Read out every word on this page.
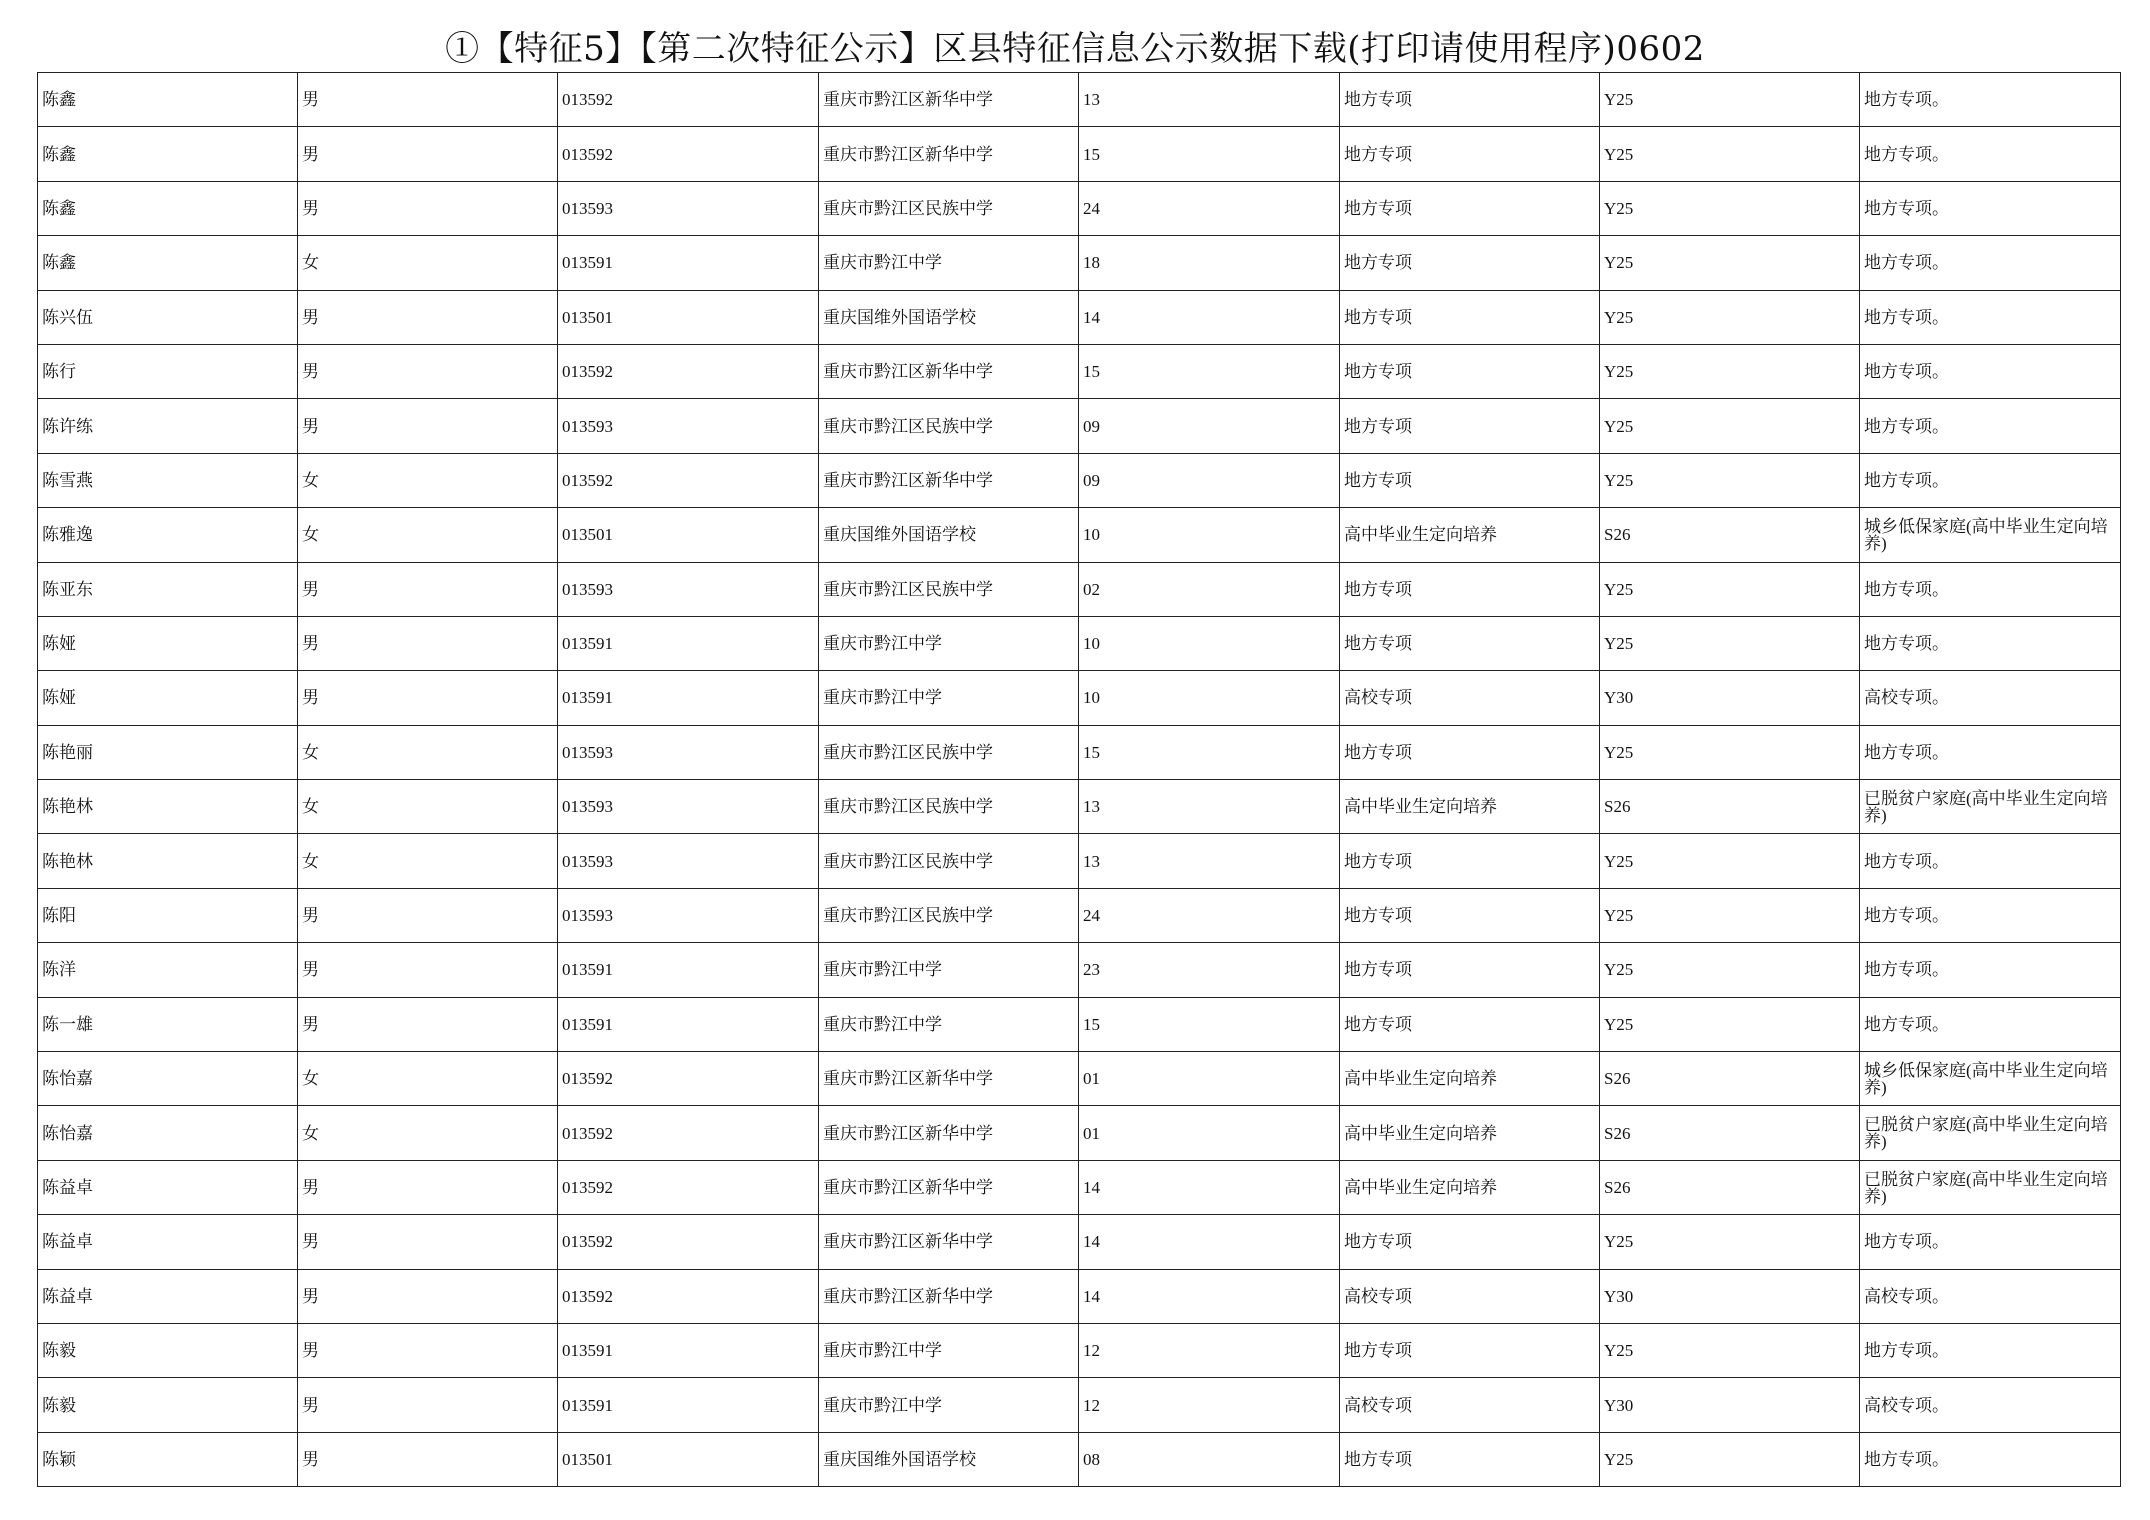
①【特征5】【第二次特征公示】区县特征信息公示数据下载(打印请使用程序)0602
陈鑫	男	013592	重庆市黔江区新华中学	13	地方专项	Y25	地方专项。
陈鑫	男	013592	重庆市黔江区新华中学	15	地方专项	Y25	地方专项。
陈鑫	男	013593	重庆市黔江区民族中学	24	地方专项	Y25	地方专项。
陈鑫	女	013591	重庆市黔江中学	18	地方专项	Y25	地方专项。
陈兴伍	男	013501	重庆国维外国语学校	14	地方专项	Y25	地方专项。
陈行	男	013592	重庆市黔江区新华中学	15	地方专项	Y25	地方专项。
陈许练	男	013593	重庆市黔江区民族中学	09	地方专项	Y25	地方专项。
陈雪燕	女	013592	重庆市黔江区新华中学	09	地方专项	Y25	地方专项。
陈雅逸	女	013501	重庆国维外国语学校	10	高中毕业生定向培养	S26	城乡低保家庭(高中毕业生定向培养)
陈亚东	男	013593	重庆市黔江区民族中学	02	地方专项	Y25	地方专项。
陈娅	男	013591	重庆市黔江中学	10	地方专项	Y25	地方专项。
陈娅	男	013591	重庆市黔江中学	10	高校专项	Y30	高校专项。
陈艳丽	女	013593	重庆市黔江区民族中学	15	地方专项	Y25	地方专项。
陈艳林	女	013593	重庆市黔江区民族中学	13	高中毕业生定向培养	S26	已脱贫户家庭(高中毕业生定向培养)
陈艳林	女	013593	重庆市黔江区民族中学	13	地方专项	Y25	地方专项。
陈阳	男	013593	重庆市黔江区民族中学	24	地方专项	Y25	地方专项。
陈洋	男	013591	重庆市黔江中学	23	地方专项	Y25	地方专项。
陈一雄	男	013591	重庆市黔江中学	15	地方专项	Y25	地方专项。
陈怡嘉	女	013592	重庆市黔江区新华中学	01	高中毕业生定向培养	S26	城乡低保家庭(高中毕业生定向培养)
陈怡嘉	女	013592	重庆市黔江区新华中学	01	高中毕业生定向培养	S26	已脱贫户家庭(高中毕业生定向培养)
陈益卓	男	013592	重庆市黔江区新华中学	14	高中毕业生定向培养	S26	已脱贫户家庭(高中毕业生定向培养)
陈益卓	男	013592	重庆市黔江区新华中学	14	地方专项	Y25	地方专项。
陈益卓	男	013592	重庆市黔江区新华中学	14	高校专项	Y30	高校专项。
陈毅	男	013591	重庆市黔江中学	12	地方专项	Y25	地方专项。
陈毅	男	013591	重庆市黔江中学	12	高校专项	Y30	高校专项。
陈颖	男	013501	重庆国维外国语学校	08	地方专项	Y25	地方专项。
